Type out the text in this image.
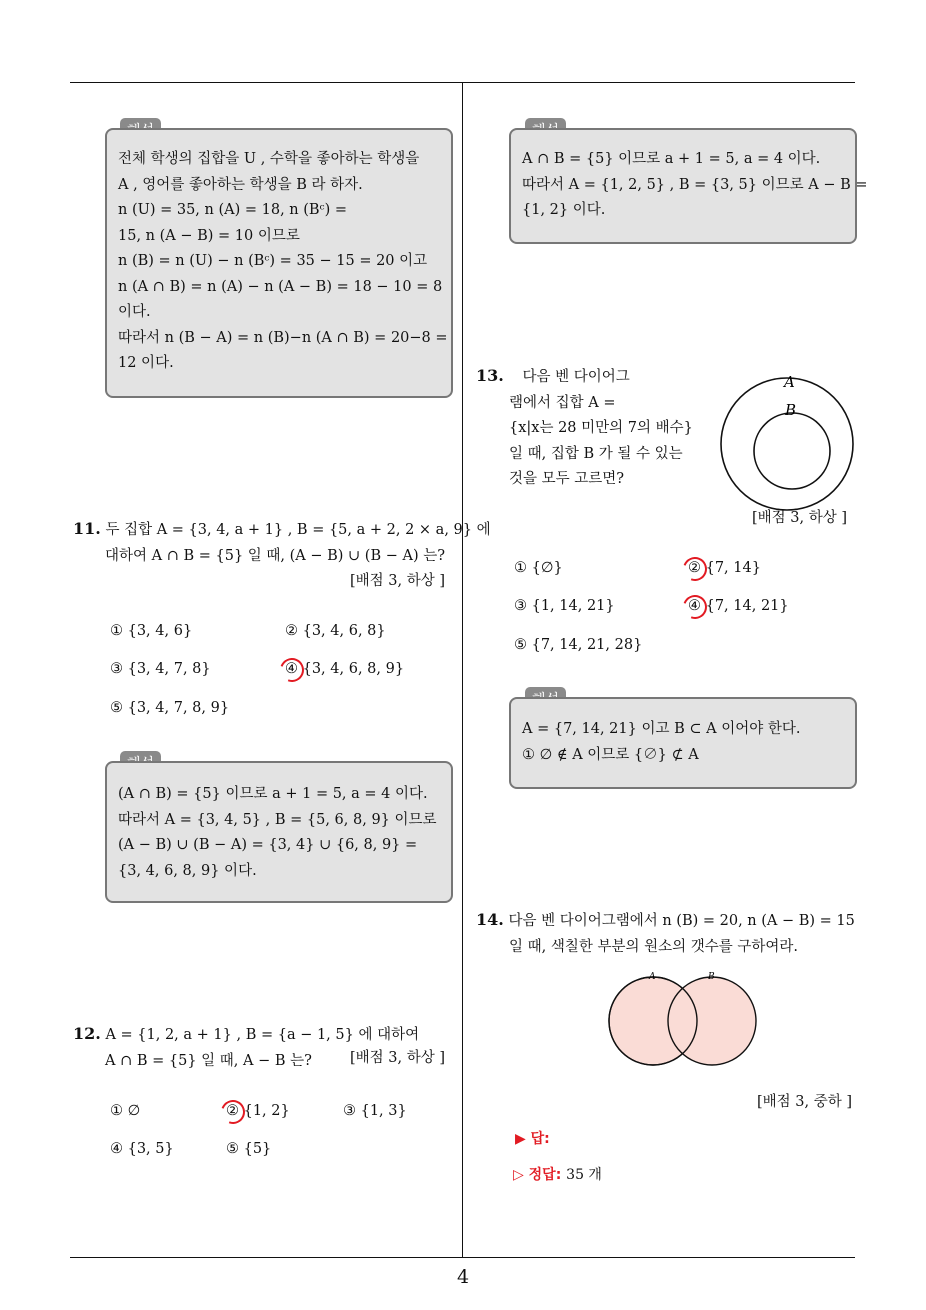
전체 학생의 집합을 U , 수학을 좋아하는 학생을
A , 영어를 좋아하는 학생을 B 라 하자.
n (U) = 35, n (A) = 18, n (Bᶜ) =
15, n (A − B) = 10 이므로
n (B) = n (U) − n (Bᶜ) = 35 − 15 = 20 이고
n (A ∩ B) = n (A) − n (A − B) = 18 − 10 = 8
이다.
따라서 n (B − A) = n (B)−n (A ∩ B) = 20−8 =
12 이다.
11. 두 집합 A = {3, 4, a + 1} , B = {5, a + 2, 2 × a, 9} 에
대하여 A ∩ B = {5} 일 때, (A − B) ∪ (B − A) 는?
[배점 3, 하상 ]
① {3, 4, 6}	② {3, 4, 6, 8}
③ {3, 4, 7, 8}	④ {3, 4, 6, 8, 9}
⑤ {3, 4, 7, 8, 9}
(A ∩ B) = {5} 이므로 a + 1 = 5, a = 4 이다.
따라서 A = {3, 4, 5} , B = {5, 6, 8, 9} 이므로
(A − B) ∪ (B − A) = {3, 4} ∪ {6, 8, 9} =
{3, 4, 6, 8, 9} 이다.
12. A = {1, 2, a + 1} , B = {a − 1, 5} 에 대하여
A ∩ B = {5} 일 때, A − B 는?	[배점 3, 하상 ]
① ∅	② {1, 2}	③ {1, 3}
④ {3, 5}	⑤ {5}
A ∩ B = {5} 이므로 a + 1 = 5, a = 4 이다.
따라서 A = {1, 2, 5} , B = {3, 5} 이므로 A − B =
{1, 2} 이다.
13. 다음 벤 다이어그
램에서 집합 A =
{x|x는 28 미만의 7의 배수}
일 때, 집합 B 가 될 수 있는
것을 모두 고르면?
A
B
[배점 3, 하상 ]
① {∅}	② {7, 14}
③ {1, 14, 21}	④ {7, 14, 21}
⑤ {7, 14, 21, 28}
A = {7, 14, 21} 이고 B ⊂ A 이어야 한다.
① ∅ ∉ A 이므로 {∅} ⊄ A
14. 다음 벤 다이어그램에서 n (B) = 20, n (A − B) = 15
일 때, 색칠한 부분의 원소의 갯수를 구하여라.
A	B
[배점 3, 중하 ]
▶ 답:
▷ 정답: 35 개
4
